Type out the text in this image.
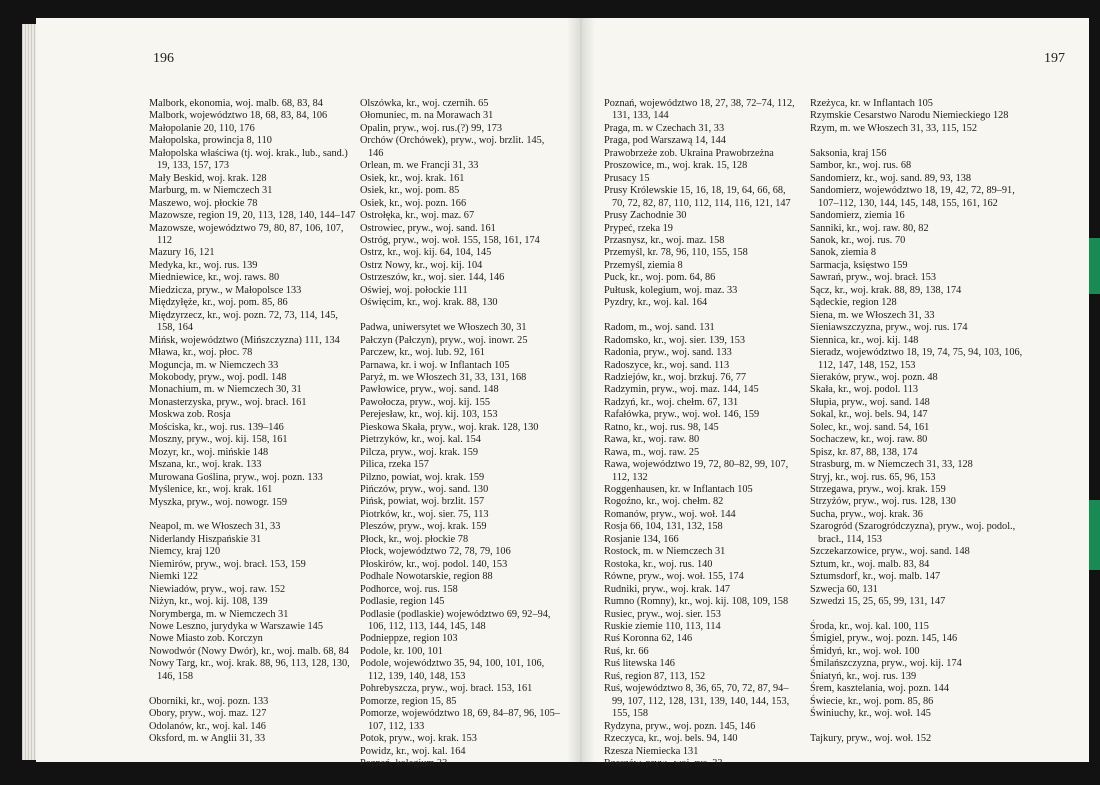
196
Malbork, ekonomia, woj. malb. 68, 83, 84
Malbork, województwo 18, 68, 83, 84, 106
Małopolanie 20, 110, 176
Małopolska, prowincja 8, 110
Małopolska właściwa (tj. woj. krak., lub., sand.) 19, 133, 157, 173
Mały Beskid, woj. krak. 128
Marburg, m. w Niemczech 31
Maszewo, woj. płockie 78
Mazowsze, region 19, 20, 113, 128, 140, 144–147
Mazowsze, województwo 79, 80, 87, 106, 107, 112
Mazury 16, 121
Medyka, kr., woj. rus. 139
Miedniewice, kr., woj. raws. 80
Miedzicza, pryw., w Małopolsce 133
Międzyłęże, kr., woj. pom. 85, 86
Międzyrzecz, kr., woj. pozn. 72, 73, 114, 145, 158, 164
Mińsk, województwo (Mińszczyzna) 111, 134
Mława, kr., woj. płoc. 78
Moguncja, m. w Niemczech 33
Mokobody, pryw., woj. podl. 148
Monachium, m. w Niemczech 30, 31
Monasterzyska, pryw., woj. bracł. 161
Moskwa zob. Rosja
Mościska, kr., woj. rus. 139–146
Moszny, pryw., woj. kij. 158, 161
Mozyr, kr., woj. mińskie 148
Mszana, kr., woj. krak. 133
Murowana Goślina, pryw., woj. pozn. 133
Myślenice, kr., woj. krak. 161
Myszka, pryw., woj. nowogr. 159
Neapol, m. we Włoszech 31, 33
Niderlandy Hiszpańskie 31
Niemcy, kraj 120
Niemirów, pryw., woj. bracł. 153, 159
Niemki 122
Niewiadów, pryw., woj. raw. 152
Niżyn, kr., woj. kij. 108, 139
Norymberga, m. w Niemczech 31
Nowe Leszno, jurydyka w Warszawie 145
Nowe Miasto zob. Korczyn
Nowodwór (Nowy Dwór), kr., woj. malb. 68, 84
Nowy Targ, kr., woj. krak. 88, 96, 113, 128, 130, 146, 158
Oborniki, kr., woj. pozn. 133
Obory, pryw., woj. maz. 127
Odolanów, kr., woj. kal. 146
Oksford, m. w Anglii 31, 33
Olszówka, kr., woj. czernih. 65
Ołomuniec, m. na Morawach 31
Opalin, pryw., woj. rus.(?) 99, 173
Orchów (Orchówek), pryw., woj. brzlit. 145, 146
Orlean, m. we Francji 31, 33
Osiek, kr., woj. krak. 161
Osiek, kr., woj. pom. 85
Osiek, kr., woj. pozn. 166
Ostrołęka, kr., woj. maz. 67
Ostrowiec, pryw., woj. sand. 161
Ostróg, pryw., woj. woł. 155, 158, 161, 174
Ostrz, kr., woj. kij. 64, 104, 145
Ostrz Nowy, kr., woj. kij. 104
Ostrzeszów, kr., woj. sier. 144, 146
Oświej, woj. połockie 111
Oświęcim, kr., woj. krak. 88, 130
Padwa, uniwersytet we Włoszech 30, 31
Pałczyn (Pałczyn), pryw., woj. inowr. 25
Parczew, kr., woj. lub. 92, 161
Parnawa, kr. i woj. w Inflantach 105
Paryż, m. we Włoszech 31, 33, 131, 168
Pawłowice, pryw., woj. sand. 148
Pawołocza, pryw., woj. kij. 155
Perejesław, kr., woj. kij. 103, 153
Pieskowa Skała, pryw., woj. krak. 128, 130
Pietrzyków, kr., woj. kal. 154
Pilcza, pryw., woj. krak. 159
Pilica, rzeka 157
Pilzno, powiat, woj. krak. 159
Pińczów, pryw., woj. sand. 130
Pińsk, powiat, woj. brzlit. 157
Piotrków, kr., woj. sier. 75, 113
Pleszów, pryw., woj. krak. 159
Płock, kr., woj. płockie 78
Płock, województwo 72, 78, 79, 106
Płoskirów, kr., woj. podol. 140, 153
Podhale Nowotarskie, region 88
Podhorce, woj. rus. 158
Podlasie, region 145
Podlasie (podlaskie) województwo 69, 92–94, 106, 112, 113, 144, 145, 148
Podniepрze, region 103
Podole, kr. 100, 101
Podole, województwo 35, 94, 100, 101, 106, 112, 139, 140, 148, 153
Pohrebyszcza, pryw., woj. bracł. 153, 161
Pomorze, region 15, 85
Pomorze, województwo 18, 69, 84–87, 96, 105–107, 112, 133
Potok, pryw., woj. krak. 153
Powidz, kr., woj. kal. 164
Poznań, kolegium 33
197
Poznań, województwo 18, 27, 38, 72–74, 112, 131, 133, 144
Praga, m. w Czechach 31, 33
Praga, pod Warszawą 14, 144
Prawobrzeże zob. Ukraina Prawobrzeżna
Proszowice, m., woj. krak. 15, 128
Prusacy 15
Prusy Królewskie 15, 16, 18, 19, 64, 66, 68, 70, 72, 82, 87, 110, 112, 114, 116, 121, 147
Prusy Zachodnie 30
Prypeć, rzeka 19
Przasnysz, kr., woj. maz. 158
Przemyśl, kr. 78, 96, 110, 155, 158
Przemyśl, ziemia 8
Puck, kr., woj. pom. 64, 86
Pułtusk, kolegium, woj. maz. 33
Pyzdry, kr., woj. kal. 164
Radom, m., woj. sand. 131
Radomsko, kr., woj. sier. 139, 153
Radonia, pryw., woj. sand. 133
Radoszyce, kr., woj. sand. 113
Radziejów, kr., woj. brzkuj. 76, 77
Radzymin, pryw., woj. maz. 144, 145
Radzyń, kr., woj. chełm. 67, 131
Rafałówka, pryw., woj. woł. 146, 159
Ratno, kr., woj. rus. 98, 145
Rawa, kr., woj. raw. 80
Rawa, m., woj. raw. 25
Rawa, województwo 19, 72, 80–82, 99, 107, 112, 132
Roggenhausen, kr. w Inflantach 105
Rogoźno, kr., woj. chełm. 82
Romanów, pryw., woj. woł. 144
Rosja 66, 104, 131, 132, 158
Rosjanie 134, 166
Rostock, m. w Niemczech 31
Rostoka, kr., woj. rus. 140
Równe, pryw., woj. woł. 155, 174
Rudniki, pryw., woj. krak. 147
Rumno (Romny), kr., woj. kij. 108, 109, 158
Rusiec, pryw., woj. sier. 153
Ruskie ziemie 110, 113, 114
Ruś Koronna 62, 146
Ruś, kr. 66
Ruś litewska 146
Ruś, region 87, 113, 152
Ruś, województwo 8, 36, 65, 70, 72, 87, 94–99, 107, 112, 128, 131, 139, 140, 144, 153, 155, 158
Rydzyna, pryw., woj. pozn. 145, 146
Rzeczyca, kr., woj. bels. 94, 140
Rzesza Niemiecka 131
Rzeszów, pryw., woj. rus. 33
Rzeżyca, kr. w Inflantach 105
Rzymskie Cesarstwo Narodu Niemieckiego 128
Rzym, m. we Włoszech 31, 33, 115, 152
Saksonia, kraj 156
Sambor, kr., woj. rus. 68
Sandomierz, kr., woj. sand. 89, 93, 138
Sandomierz, województwo 18, 19, 42, 72, 89–91, 107–112, 130, 144, 145, 148, 155, 161, 162
Sandomierz, ziemia 16
Sanniki, kr., woj. raw. 80, 82
Sanok, kr., woj. rus. 70
Sanok, ziemia 8
Sarmacja, księstwo 159
Sawrań, pryw., woj. bracł. 153
Sącz, kr., woj. krak. 88, 89, 138, 174
Sądeckie, region 128
Siena, m. we Włoszech 31, 33
Sieniawszczyzna, pryw., woj. rus. 174
Siennica, kr., woj. kij. 148
Sieradz, województwo 18, 19, 74, 75, 94, 103, 106, 112, 147, 148, 152, 153
Sieraków, pryw., woj. pozn. 48
Skała, kr., woj. podol. 113
Słupia, pryw., woj. sand. 148
Sokal, kr., woj. bels. 94, 147
Solec, kr., woj. sand. 54, 161
Sochaczew, kr., woj. raw. 80
Spisz, kr. 87, 88, 138, 174
Strasburg, m. w Niemczech 31, 33, 128
Stryj, kr., woj. rus. 65, 96, 153
Strzegawa, pryw., woj. krak. 159
Strzyżów, pryw., woj. rus. 128, 130
Sucha, pryw., woj. krak. 36
Szarogród (Szarogródczyzna), pryw., woj. podol., bracł., 114, 153
Szczekarzowice, pryw., woj. sand. 148
Sztum, kr., woj. malb. 83, 84
Sztumsdorf, kr., woj. malb. 147
Szwecja 60, 131
Szwedzi 15, 25, 65, 99, 131, 147
Środa, kr., woj. kal. 100, 115
Śmigiel, pryw., woj. pozn. 145, 146
Śmidyń, kr., woj. woł. 100
Śmilańszczyzna, pryw., woj. kij. 174
Śniatyń, kr., woj. rus. 139
Śrem, kasztelania, woj. pozn. 144
Świecie, kr., woj. pom. 85, 86
Świniuchy, kr., woj. woł. 145
Tajkury, pryw., woj. woł. 152
